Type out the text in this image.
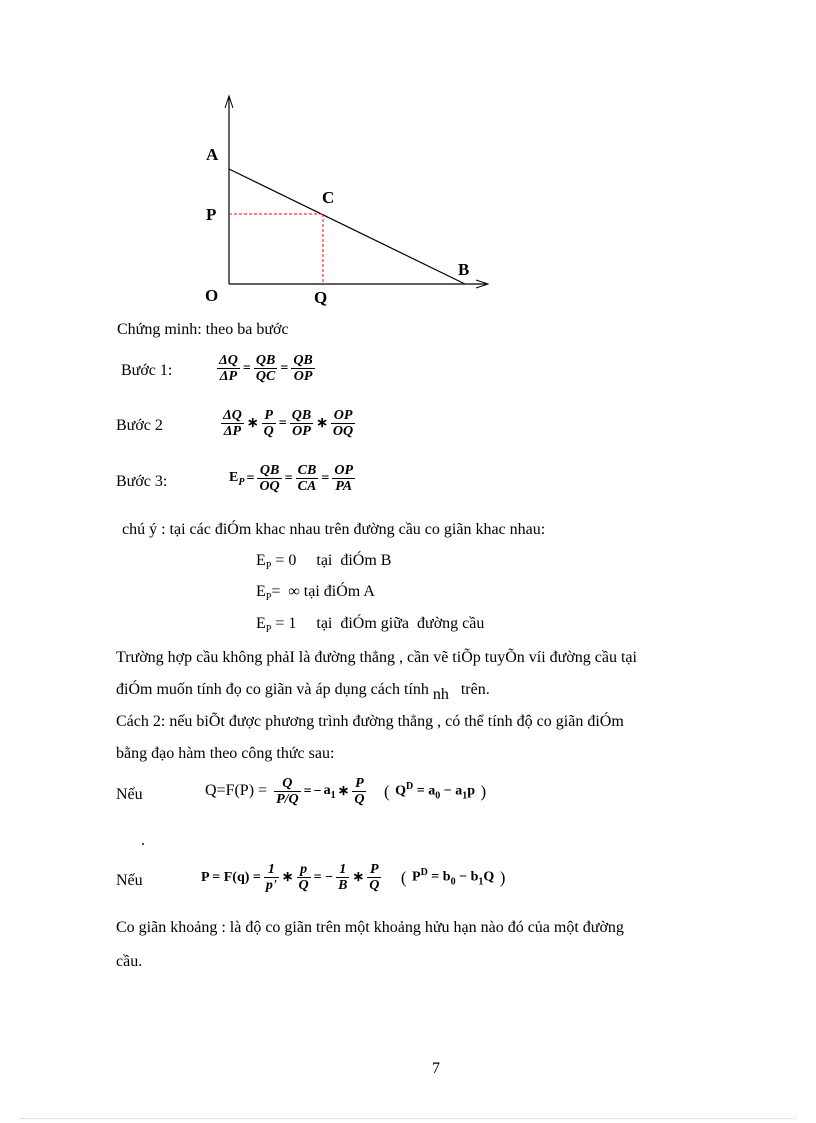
A
P
C
B
O	Q
Chứng minh: theo ba bước
Bước 1:	$\frac{\Delta Q}{\Delta P} = \frac{QB}{QC} = \frac{QB}{OP}$
Bước 2	$\frac{\Delta Q}{\Delta P}$ ∗ $\frac{P}{Q} = \frac{QB}{OP}$ ∗ $\frac{OP}{OQ}$
Bước 3:	$E_P = \frac{QB}{OQ} = \frac{CB}{CA} = \frac{OP}{PA}$
chú ý : tại các điÓm khac nhau trên đường cầu co giãn khac nhau:
$E_P = 0$     tại  điÓm B
$E_P=$  ∞ tại điÓm A
$E_P = 1$     tại  điÓm giữa  đường cầu
Trường hợp cầu không phảI là đường thẳng , cần vẽ tiÕp tuyÕn víi đường cầu tại
điÓm muốn tính đọ co giãn và áp dụng cách tính nh   trên.
Cách 2: nếu biÕt được phương trình đường thẳng , có thể tính độ co giãn điÓm
bằng đạo hàm theo công thức sau:
Nếu	$Q=F(P) = \frac{Q}{P/Q}$ = − $a_1$ ∗ $\frac{P}{Q}$ ( $Q^D = a_0 - a_1p$ )
.
Nếu	$P = F(q) = \frac{1}{p'}$ ∗ $\frac{p}{Q}$ = − $\frac{1}{B}$ ∗ $\frac{P}{Q}$ ( $P^D = b_0 - b_1Q$ )
Co giãn khoảng : là độ co giãn trên một khoảng hửu hạn nào đó của một đường
cầu.
7
